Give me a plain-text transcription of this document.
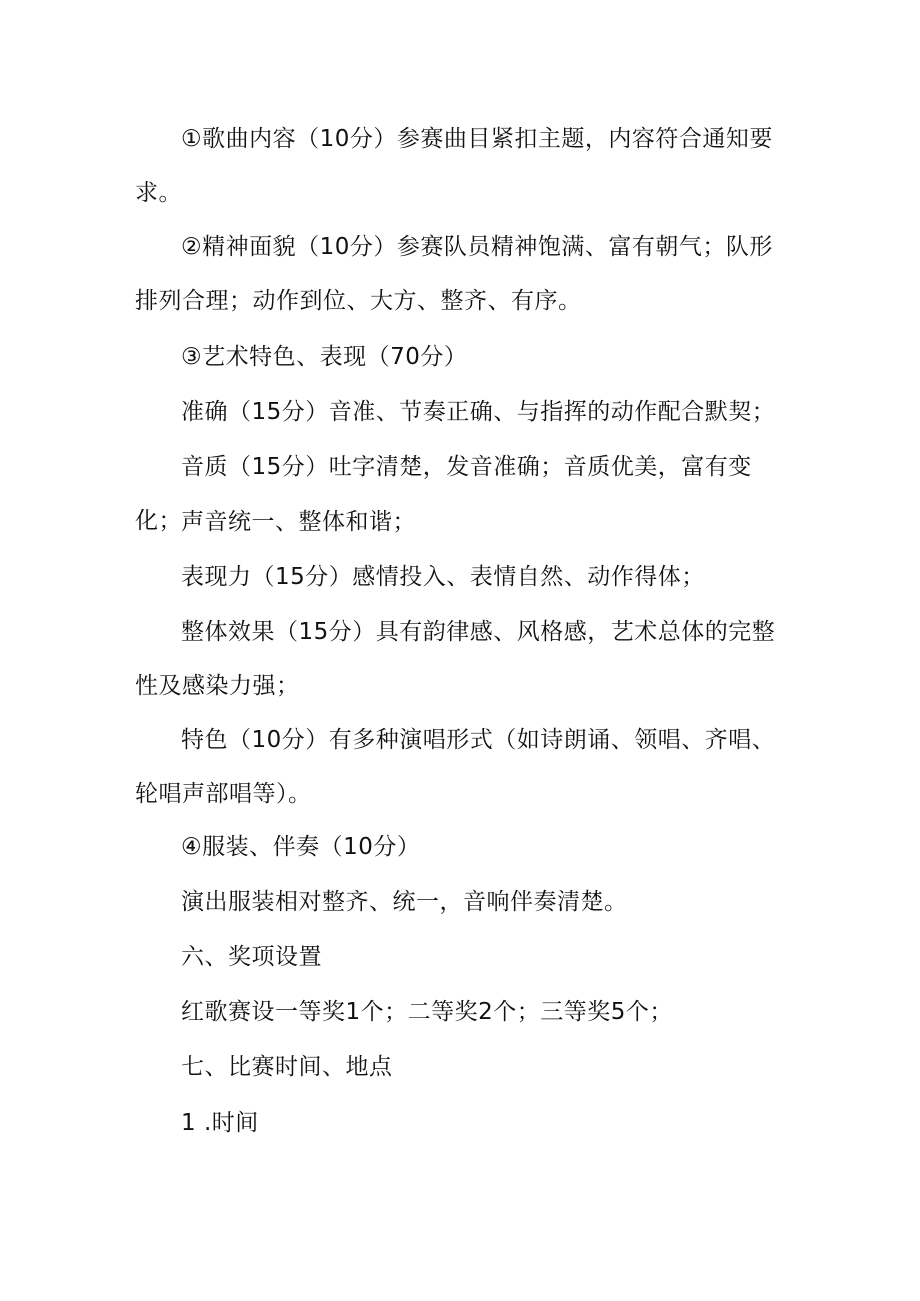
①歌曲内容（10分）参赛曲目紧扣主题，内容符合通知要求。

②精神面貌（10分）参赛队员精神饱满、富有朝气；队形排列合理；动作到位、大方、整齐、有序。

③艺术特色、表现（70分）

准确（15分）音准、节奏正确、与指挥的动作配合默契；

音质（15分）吐字清楚，发音准确；音质优美，富有变化； 声音统一、整体和谐；

表现力（15分）感情投入、表情自然、动作得体；

整体效果（15分）具有韵律感、风格感，艺术总体的完整性及感染力强；

特色（10分）有多种演唱形式（如诗朗诵、领唱、齐唱、轮唱声部唱等）。

④服装、伴奏（10分）

演出服装相对整齐、统一，音响伴奏清楚。

六、奖项设置

红歌赛设一等奖1个；二等奖2个；三等奖5个；

七、比赛时间、地点

1 .时间
